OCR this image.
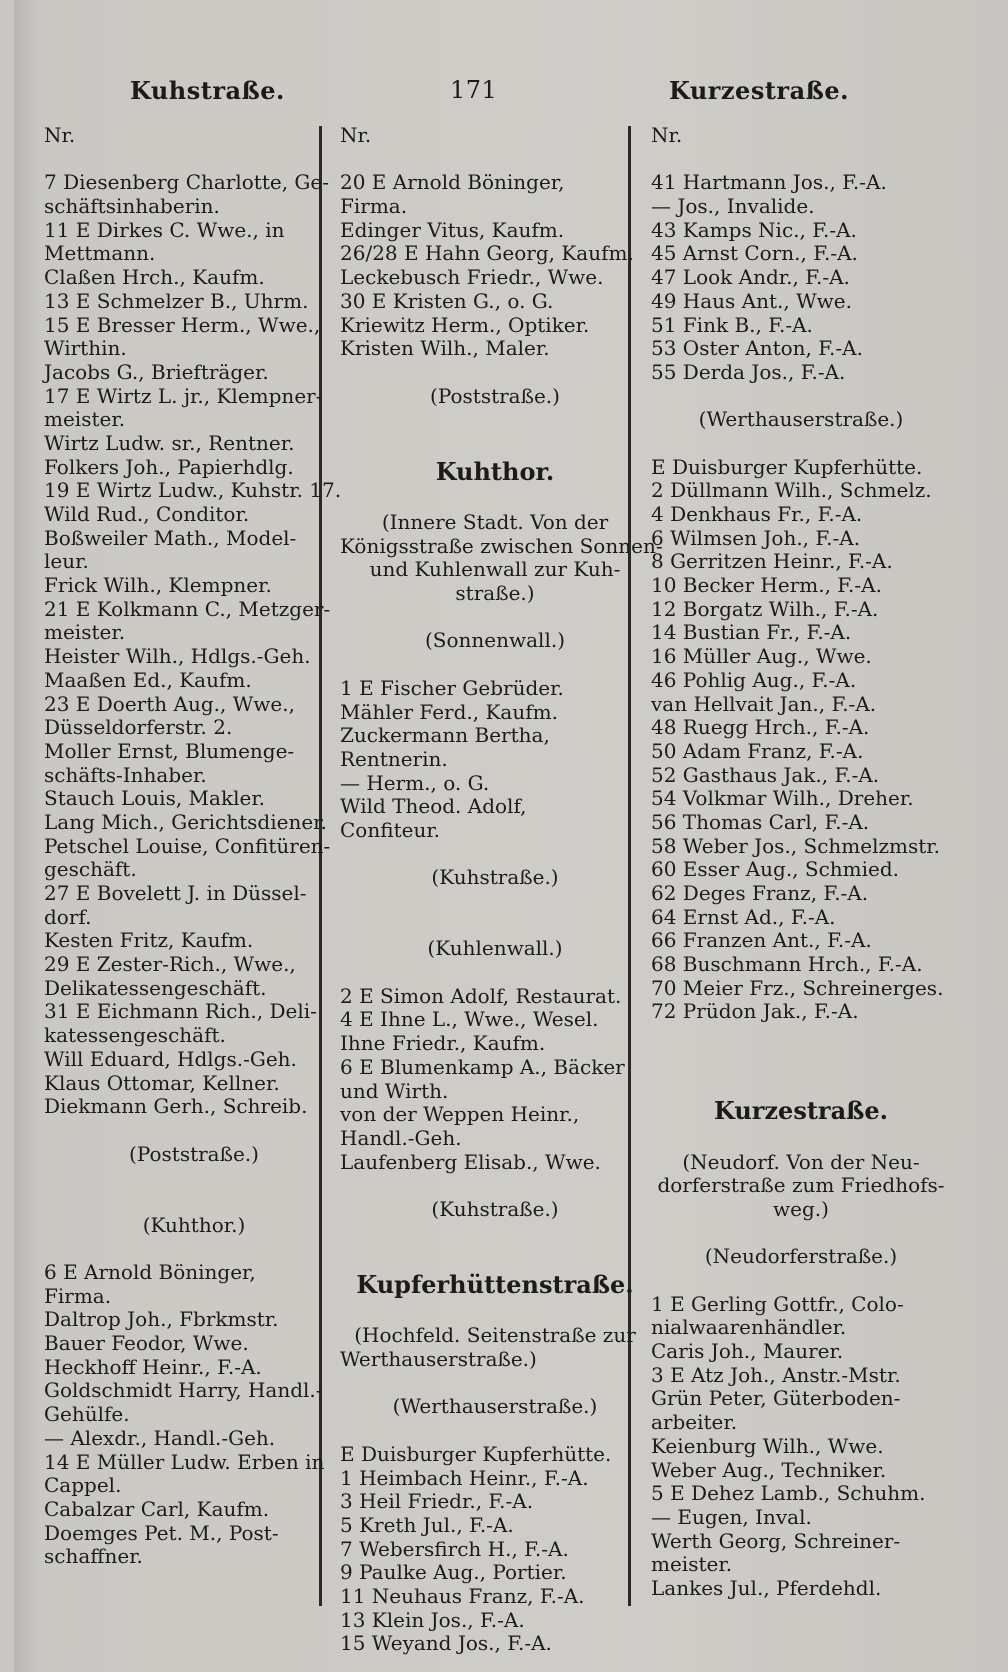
Kuhstraße.	171	Kurzestraße.
Nr.
7 Diesenberg Charlotte, Ge-
schäftsinhaberin.
11 E Dirkes C. Wwe., in
Mettmann.
Claßen Hrch., Kaufm.
13 E Schmelzer B., Uhrm.
15 E Bresser Herm., Wwe.,
Wirthin.
Jacobs G., Briefträger.
17 E Wirtz L. jr., Klempner-
meister.
Wirtz Ludw. sr., Rentner.
Folkers Joh., Papierhdlg.
19 E Wirtz Ludw., Kuhstr. 17.
Wild Rud., Conditor.
Boßweiler Math., Model-
leur.
Frick Wilh., Klempner.
21 E Kolkmann C., Metzger-
meister.
Heister Wilh., Hdlgs.-Geh.
Maaßen Ed., Kaufm.
23 E Doerth Aug., Wwe.,
Düsseldorferstr. 2.
Moller Ernst, Blumenge-
schäfts-Inhaber.
Stauch Louis, Makler.
Lang Mich., Gerichtsdiener.
Petschel Louise, Confitüren-
geschäft.
27 E Bovelett J. in Düssel-
dorf.
Kesten Fritz, Kaufm.
29 E Zester-Rich., Wwe.,
Delikatessengeschäft.
31 E Eichmann Rich., Deli-
katessengeschäft.
Will Eduard, Hdlgs.-Geh.
Klaus Ottomar, Kellner.
Diekmann Gerh., Schreib.
(Poststraße.)
(Kuhthor.)
6 E Arnold Böninger,
Firma.
Daltrop Joh., Fbrkmstr.
Bauer Feodor, Wwe.
Heckhoff Heinr., F.-A.
Goldschmidt Harry, Handl.-
Gehülfe.
— Alexdr., Handl.-Geh.
14 E Müller Ludw. Erben in
Cappel.
Cabalzar Carl, Kaufm.
Doemges Pet. M., Post-
schaffner.
Nr.
20 E Arnold Böninger,
Firma.
Edinger Vitus, Kaufm.
26/28 E Hahn Georg, Kaufm.
Leckebusch Friedr., Wwe.
30 E Kristen G., o. G.
Kriewitz Herm., Optiker.
Kristen Wilh., Maler.
(Poststraße.)
Kuhthor.
(Innere Stadt. Von der
Königsstraße zwischen Sonnen-
und Kuhlenwall zur Kuh-
straße.)
(Sonnenwall.)
1 E Fischer Gebrüder.
Mähler Ferd., Kaufm.
Zuckermann Bertha,
Rentnerin.
— Herm., o. G.
Wild Theod. Adolf,
Confiteur.
(Kuhstraße.)
(Kuhlenwall.)
2 E Simon Adolf, Restaurat.
4 E Ihne L., Wwe., Wesel.
Ihne Friedr., Kaufm.
6 E Blumenkamp A., Bäcker
und Wirth.
von der Weppen Heinr.,
Handl.-Geh.
Laufenberg Elisab., Wwe.
(Kuhstraße.)
Kupferhüttenstraße.
(Hochfeld. Seitenstraße zur
Werthauserstraße.)
(Werthauserstraße.)
E Duisburger Kupferhütte.
1 Heimbach Heinr., F.-A.
3 Heil Friedr., F.-A.
5 Kreth Jul., F.-A.
7 Webersfirch H., F.-A.
9 Paulke Aug., Portier.
11 Neuhaus Franz, F.-A.
13 Klein Jos., F.-A.
15 Weyand Jos., F.-A.
Nr.
41 Hartmann Jos., F.-A.
— Jos., Invalide.
43 Kamps Nic., F.-A.
45 Arnst Corn., F.-A.
47 Look Andr., F.-A.
49 Haus Ant., Wwe.
51 Fink B., F.-A.
53 Oster Anton, F.-A.
55 Derda Jos., F.-A.
(Werthauserstraße.)
E Duisburger Kupferhütte.
2 Düllmann Wilh., Schmelz.
4 Denkhaus Fr., F.-A.
6 Wilmsen Joh., F.-A.
8 Gerritzen Heinr., F.-A.
10 Becker Herm., F.-A.
12 Borgatz Wilh., F.-A.
14 Bustian Fr., F.-A.
16 Müller Aug., Wwe.
46 Pohlig Aug., F.-A.
van Hellvait Jan., F.-A.
48 Ruegg Hrch., F.-A.
50 Adam Franz, F.-A.
52 Gasthaus Jak., F.-A.
54 Volkmar Wilh., Dreher.
56 Thomas Carl, F.-A.
58 Weber Jos., Schmelzmstr.
60 Esser Aug., Schmied.
62 Deges Franz, F.-A.
64 Ernst Ad., F.-A.
66 Franzen Ant., F.-A.
68 Buschmann Hrch., F.-A.
70 Meier Frz., Schreinerges.
72 Prüdon Jak., F.-A.
Kurzestraße.
(Neudorf. Von der Neu-
dorferstraße zum Friedhofs-
weg.)
(Neudorferstraße.)
1 E Gerling Gottfr., Colo-
nialwaarenhändler.
Caris Joh., Maurer.
3 E Atz Joh., Anstr.-Mstr.
Grün Peter, Güterboden-
arbeiter.
Keienburg Wilh., Wwe.
Weber Aug., Techniker.
5 E Dehez Lamb., Schuhm.
— Eugen, Inval.
Werth Georg, Schreiner-
meister.
Lankes Jul., Pferdehdl.
